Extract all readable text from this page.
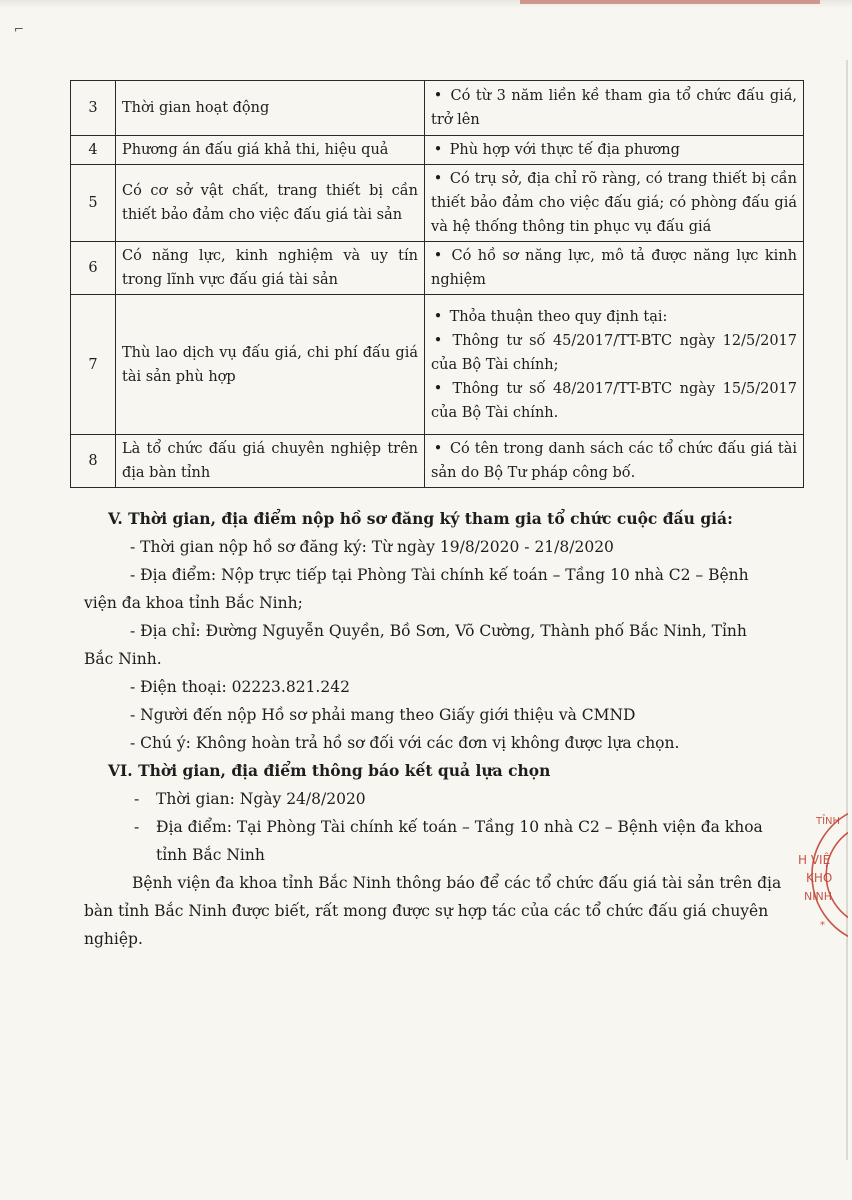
⌐
3	Thời gian hoạt động	• Có từ 3 năm liền kề tham gia tổ chức đấu giá, trở lên

4	Phương án đấu giá khả thi, hiệu quả	• Phù hợp với thực tế địa phương

5	Có cơ sở vật chất, trang thiết bị cần thiết bảo đảm cho việc đấu giá tài sản	• Có trụ sở, địa chỉ rõ ràng, có trang thiết bị cần thiết bảo đảm cho việc đấu giá; có phòng đấu giá và hệ thống thông tin phục vụ đấu giá

6	Có năng lực, kinh nghiệm và uy tín trong lĩnh vực đấu giá tài sản	• Có hồ sơ năng lực, mô tả được năng lực kinh nghiệm

7	Thù lao dịch vụ đấu giá, chi phí đấu giá tài sản phù hợp	• Thỏa thuận theo quy định tại:
• Thông tư số 45/2017/TT-BTC ngày 12/5/2017 của Bộ Tài chính;
• Thông tư số 48/2017/TT-BTC ngày 15/5/2017 của Bộ Tài chính.

8	Là tổ chức đấu giá chuyên nghiệp trên địa bàn tỉnh	• Có tên trong danh sách các tổ chức đấu giá tài sản do Bộ Tư pháp công bố.

V. Thời gian, địa điểm nộp hồ sơ đăng ký tham gia tổ chức cuộc đấu giá:

- Thời gian nộp hồ sơ đăng ký: Từ ngày 19/8/2020 - 21/8/2020

- Địa điểm: Nộp trực tiếp tại Phòng Tài chính kế toán – Tầng 10 nhà C2 – Bệnh

viện đa khoa tỉnh Bắc Ninh;

- Địa chỉ: Đường Nguyễn Quyền, Bồ Sơn, Võ Cường, Thành phố Bắc Ninh, Tỉnh

Bắc Ninh.

- Điện thoại: 02223.821.242

- Người đến nộp Hồ sơ phải mang theo Giấy giới thiệu và CMND

- Chú ý: Không hoàn trả hồ sơ đối với các đơn vị không được lựa chọn.

VI. Thời gian, địa điểm thông báo kết quả lựa chọn

-	Thời gian: Ngày 24/8/2020
-	Địa điểm: Tại Phòng Tài chính kế toán – Tầng 10 nhà C2 – Bệnh viện đa khoa

tỉnh Bắc Ninh

Bệnh viện đa khoa tỉnh Bắc Ninh thông báo để các tổ chức đấu giá tài sản trên địa

bàn tỉnh Bắc Ninh được biết, rất mong được sự hợp tác của các tổ chức đấu giá chuyên

nghiệp.

TỈNH
H VIỆ
KHO
NINH
*
